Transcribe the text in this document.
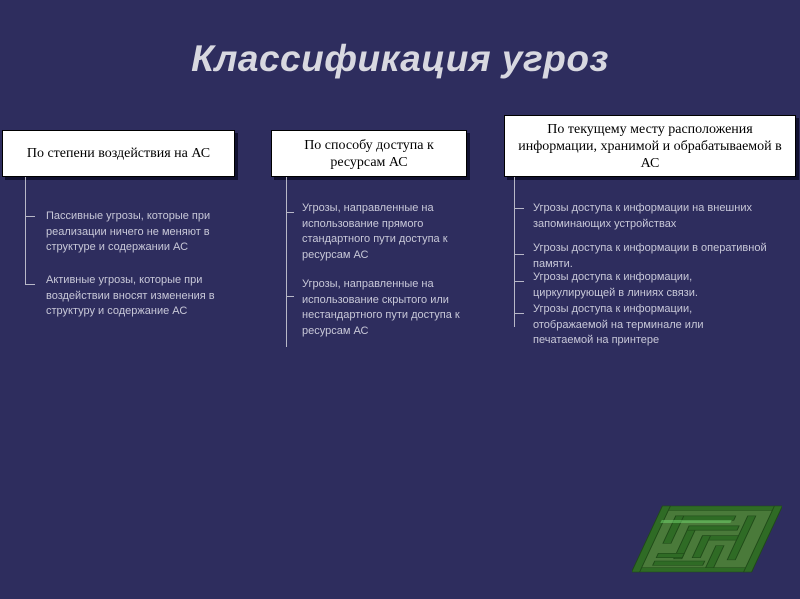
Классификация угроз
По степени воздействия на АС
Пассивные угрозы, которые при реализации ничего не меняют в структуре и содержании АС
Активные угрозы, которые при воздействии вносят изменения в структуру и содержание АС
По способу доступа к ресурсам АС
Угрозы, направленные на использование прямого стандартного пути доступа к ресурсам АС
Угрозы, направленные на использование скрытого или нестандартного пути доступа к ресурсам АС
По текущему месту расположения информации, хранимой и обрабатываемой в АС
Угрозы доступа к информации на внешних запоминающих устройствах
Угрозы доступа к информации в оперативной памяти.
Угрозы доступа к информации, циркулирующей в линиях связи.
Угрозы доступа к информации, отображаемой на терминале или печатаемой на принтере
